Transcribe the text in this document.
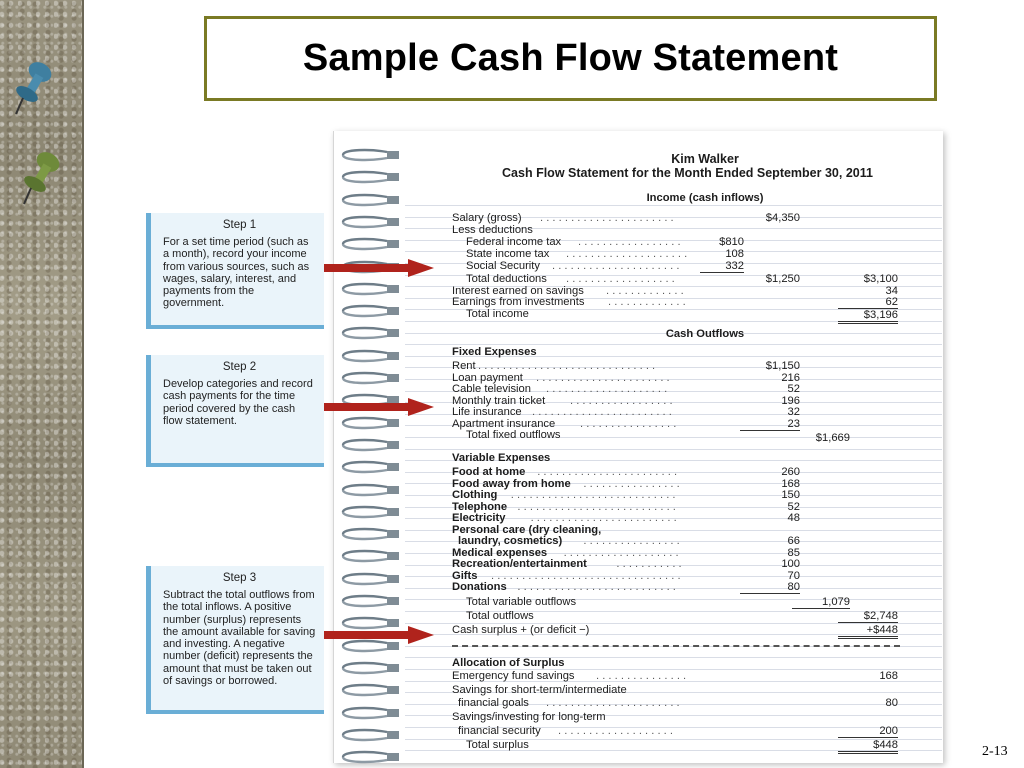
Sample Cash Flow Statement
Step 1
For a set time period (such as a month), record your income from various sources, such as wages, salary, interest, and payments from the government.
Step 2
Develop categories and record cash payments for the time period covered by the cash flow statement.
Step 3
Subtract the total outflows from the total inflows. A positive number (surplus) represents the amount available for saving and investing. A negative number (deficit) represents the amount that must be taken out of savings or borrowed.
Kim Walker
Cash Flow Statement for the Month Ended September 30, 2011
Income (cash inflows)
Salary (gross) . . . . . . . . . . . . . . . . . . . . . .	$4,350
Less deductions
Federal income tax . . . . . . . . . . . . . . . . .	$810
State income tax . . . . . . . . . . . . . . . . . . . .	108
Social Security . . . . . . . . . . . . . . . . . . . . .	332
Total deductions . . . . . . . . . . . . . . . . . .	$1,250	$3,100
Interest earned on savings . . . . . . . . . . . . .	34
Earnings from investments . . . . . . . . . . . . .	62
Total income	$3,196
Cash Outflows
Fixed Expenses
Rent . . . . . . . . . . . . . . . . . . . . . . . . . . . . .	$1,150
Loan payment . . . . . . . . . . . . . . . . . . . . . .	216
Cable television . . . . . . . . . . . . . . . . . . . .	52
Monthly train ticket . . . . . . . . . . . . . . . . .	196
Life insurance . . . . . . . . . . . . . . . . . . . . . . .	32
Apartment insurance . . . . . . . . . . . . . . . .	23
Total fixed outflows	$1,669
Variable Expenses
Food at home . . . . . . . . . . . . . . . . . . . . . . .	260
Food away from home . . . . . . . . . . . . . . . .	168
Clothing . . . . . . . . . . . . . . . . . . . . . . . . . . .	150
Telephone . . . . . . . . . . . . . . . . . . . . . . . . . .	52
Electricity . . . . . . . . . . . . . . . . . . . . . . . .	48
Personal care (dry cleaning,
laundry, cosmetics) . . . . . . . . . . . . . . . .	66
Medical expenses . . . . . . . . . . . . . . . . . . .	85
Recreation/entertainment	. . . . . . . . . . .	100
Gifts . . . . . . . . . . . . . . . . . . . . . . . . . . . . . . .	70
Donations . . . . . . . . . . . . . . . . . . . . . . . . . .	80
Total variable outflows	1,079
Total outflows	$2,748
Cash surplus + (or deficit −)	+$448
Allocation of Surplus
Emergency fund savings . . . . . . . . . . . . . . .	168
Savings for short-term/intermediate
financial goals . . . . . . . . . . . . . . . . . . . . . .	80
Savings/investing for long-term
financial security . . . . . . . . . . . . . . . . . . .	200
Total surplus	$448	2-13
